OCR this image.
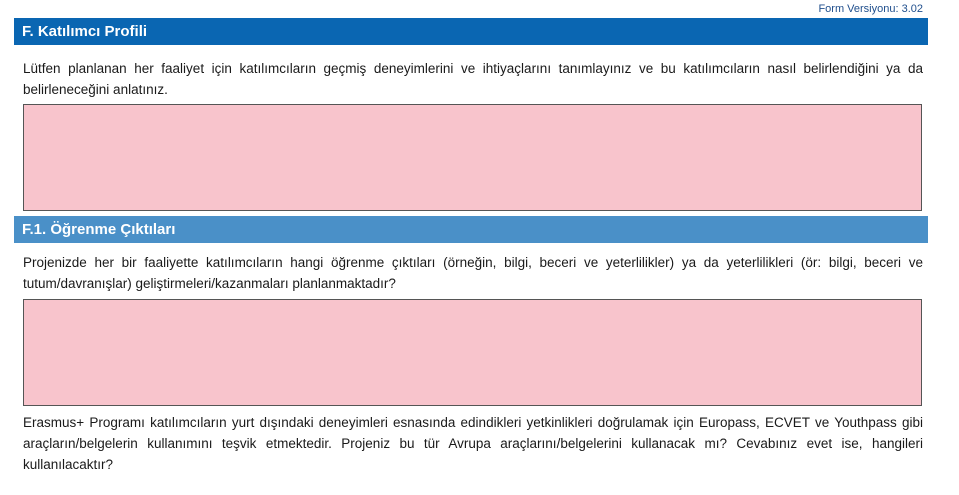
Form Versiyonu: 3.02
F. Katılımcı Profili
Lütfen planlanan her faaliyet için katılımcıların geçmiş deneyimlerini ve ihtiyaçlarını tanımlayınız ve bu katılımcıların nasıl belirlendiğini ya da belirleneceğini anlatınız.
F.1. Öğrenme Çıktıları
Projenizde her bir faaliyette katılımcıların hangi öğrenme çıktıları (örneğin, bilgi, beceri ve yeterlilikler) ya da yeterlilikleri (ör: bilgi, beceri ve tutum/davranışlar) geliştirmeleri/kazanmaları planlanmaktadır?
Erasmus+ Programı katılımcıların yurt dışındaki deneyimleri esnasında edindikleri yetkinlikleri doğrulamak için Europass, ECVET ve Youthpass gibi araçların/belgelerin kullanımını teşvik etmektedir. Projeniz bu tür Avrupa araçlarını/belgelerini kullanacak mı? Cevabınız evet ise, hangileri kullanılacaktır?
